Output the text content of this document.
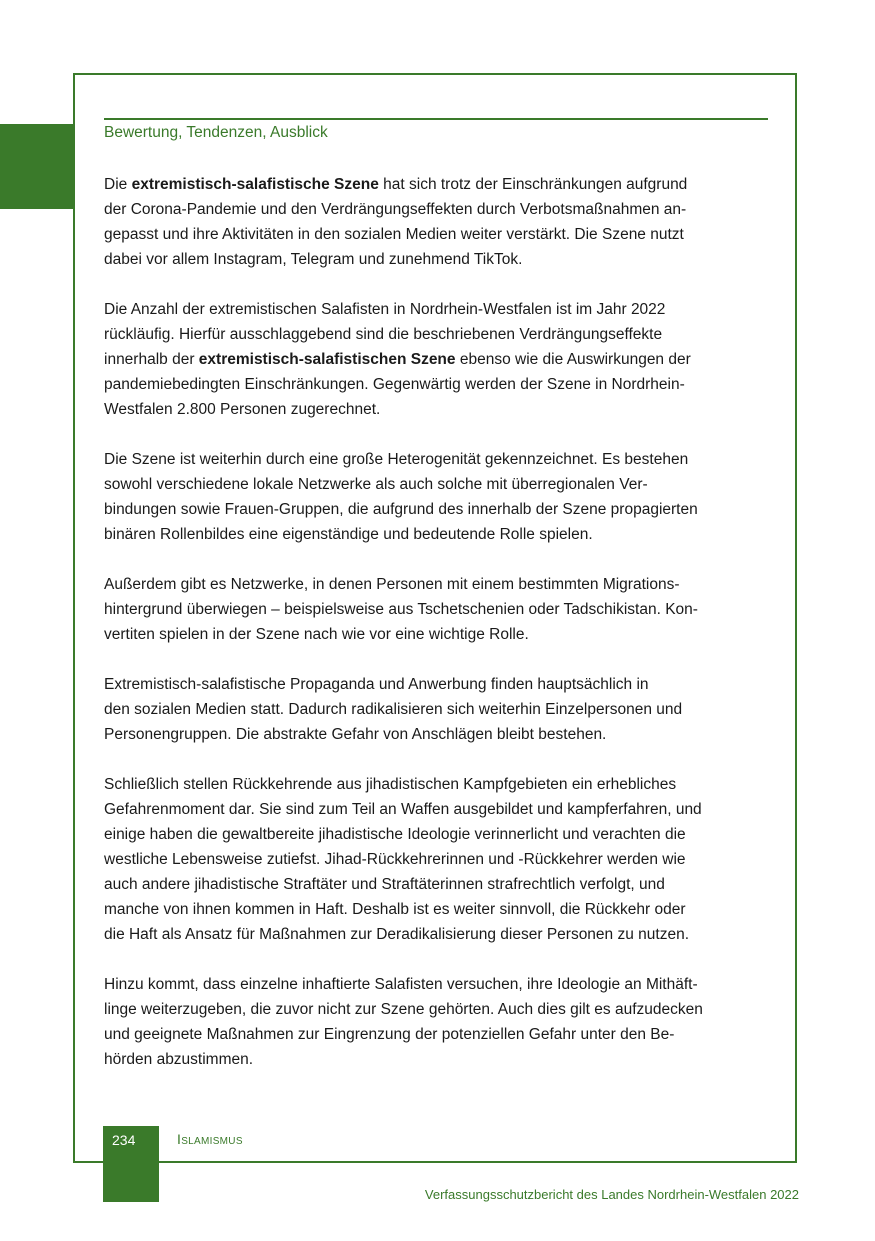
Bewertung, Tendenzen, Ausblick

Die extremistisch-salafistische Szene hat sich trotz der Einschränkungen aufgrund
der Corona-Pandemie und den Verdrängungseffekten durch Verbotsmaßnahmen an-
gepasst und ihre Aktivitäten in den sozialen Medien weiter verstärkt. Die Szene nutzt
dabei vor allem Instagram, Telegram und zunehmend TikTok.

Die Anzahl der extremistischen Salafisten in Nordrhein-Westfalen ist im Jahr 2022
rückläufig. Hierfür ausschlaggebend sind die beschriebenen Verdrängungseffekte
innerhalb der extremistisch-salafistischen Szene ebenso wie die Auswirkungen der
pandemiebedingten Einschränkungen. Gegenwärtig werden der Szene in Nordrhein-
Westfalen 2.800 Personen zugerechnet.

Die Szene ist weiterhin durch eine große Heterogenität gekennzeichnet. Es bestehen
sowohl verschiedene lokale Netzwerke als auch solche mit überregionalen Ver-
bindungen sowie Frauen-Gruppen, die aufgrund des innerhalb der Szene propagierten
binären Rollenbildes eine eigenständige und bedeutende Rolle spielen.

Außerdem gibt es Netzwerke, in denen Personen mit einem bestimmten Migrations-
hintergrund überwiegen – beispielsweise aus Tschetschenien oder Tadschikistan. Kon-
vertiten spielen in der Szene nach wie vor eine wichtige Rolle.

Extremistisch-salafistische Propaganda und Anwerbung finden hauptsächlich in
den sozialen Medien statt. Dadurch radikalisieren sich weiterhin Einzelpersonen und
Personengruppen. Die abstrakte Gefahr von Anschlägen bleibt bestehen.

Schließlich stellen Rückkehrende aus jihadistischen Kampfgebieten ein erhebliches
Gefahrenmoment dar. Sie sind zum Teil an Waffen ausgebildet und kampferfahren, und
einige haben die gewaltbereite jihadistische Ideologie verinnerlicht und verachten die
westliche Lebensweise zutiefst. Jihad-Rückkehrerinnen und -Rückkehrer werden wie
auch andere jihadistische Straftäter und Straftäterinnen strafrechtlich verfolgt, und
manche von ihnen kommen in Haft. Deshalb ist es weiter sinnvoll, die Rückkehr oder
die Haft als Ansatz für Maßnahmen zur Deradikalisierung dieser Personen zu nutzen.

Hinzu kommt, dass einzelne inhaftierte Salafisten versuchen, ihre Ideologie an Mithäft-
linge weiterzugeben, die zuvor nicht zur Szene gehörten. Auch dies gilt es aufzudecken
und geeignete Maßnahmen zur Eingrenzung der potenziellen Gefahr unter den Be-
hörden abzustimmen.

234	Islamismus
Verfassungsschutzbericht des Landes Nordrhein-Westfalen 2022
